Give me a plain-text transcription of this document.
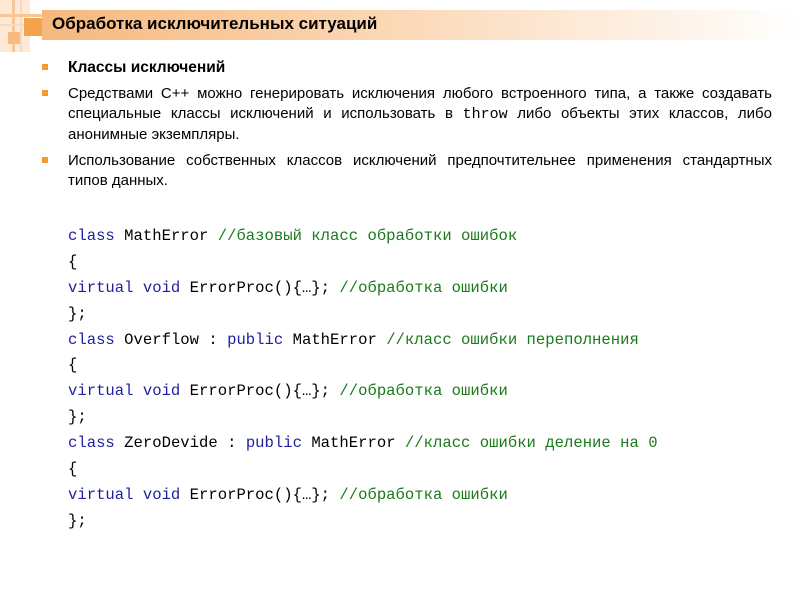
Обработка исключительных ситуаций
Классы исключений
Средствами С++ можно генерировать исключения любого встроенного типа, а также создавать специальные классы исключений и использовать в throw либо объекты этих классов, либо анонимные экземпляры.
Использование собственных классов исключений предпочтительнее применения стандартных типов данных.
class MathError //базовый класс обработки ошибок
{
virtual void ErrorProc(){…}; //обработка ошибки
};
class Overflow : public MathError //класс ошибки переполнения
{
virtual void ErrorProc(){…}; //обработка ошибки
};
class ZeroDevide : public MathError //класс ошибки деление на 0
{
virtual void ErrorProc(){…}; //обработка ошибки
};
